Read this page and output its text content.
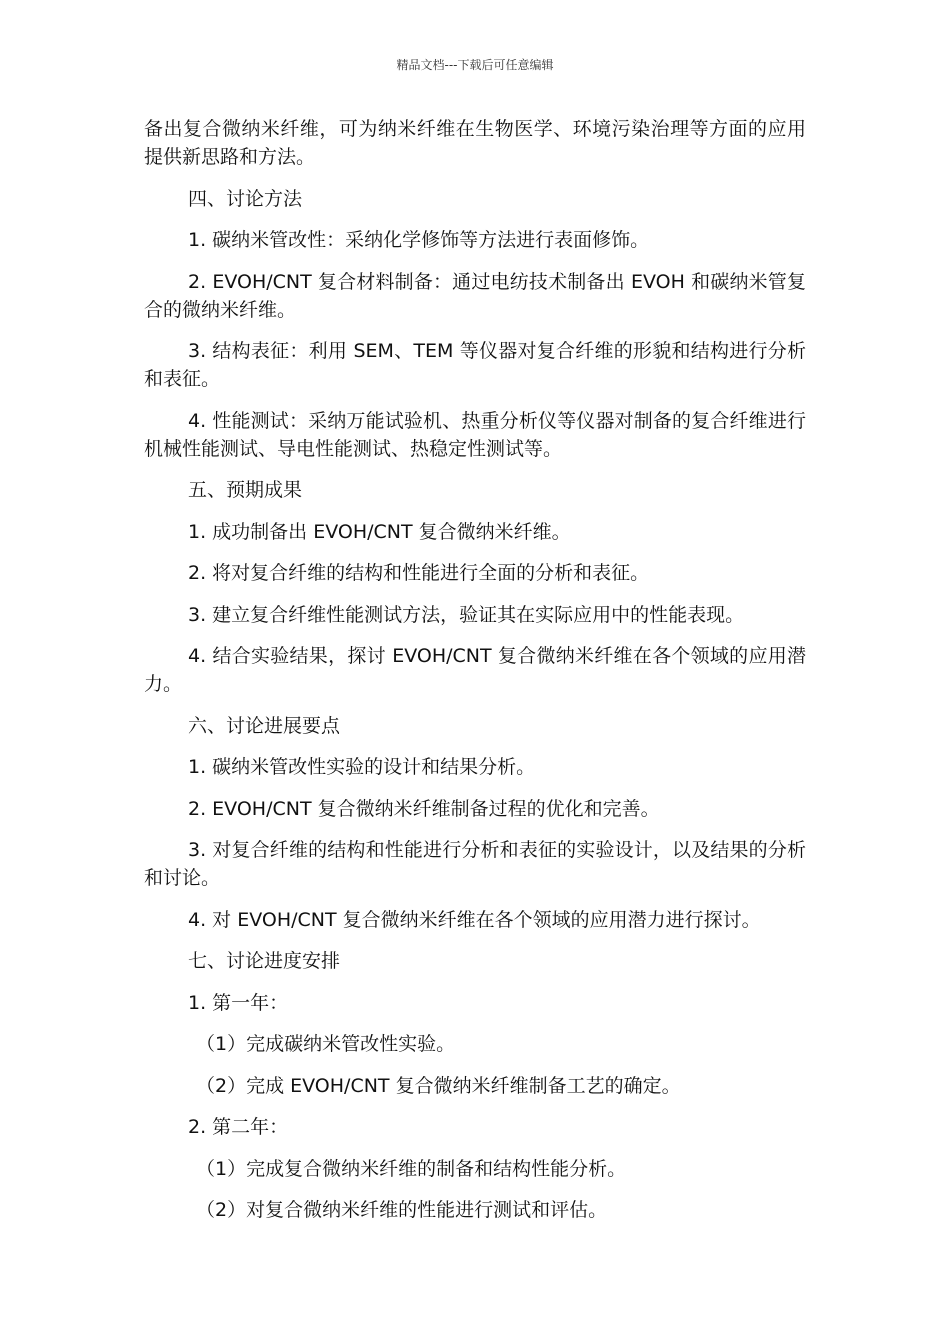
精品文档---下载后可任意编辑

备出复合微纳米纤维，可为纳米纤维在生物医学、环境污染治理等方面的应用提供新思路和方法。

四、讨论方法

1. 碳纳米管改性：采纳化学修饰等方法进行表面修饰。

2. EVOH/CNT 复合材料制备：通过电纺技术制备出 EVOH 和碳纳米管复合的微纳米纤维。

3. 结构表征：利用 SEM、TEM 等仪器对复合纤维的形貌和结构进行分析和表征。

4. 性能测试：采纳万能试验机、热重分析仪等仪器对制备的复合纤维进行机械性能测试、导电性能测试、热稳定性测试等。

五、预期成果

1. 成功制备出 EVOH/CNT 复合微纳米纤维。

2. 将对复合纤维的结构和性能进行全面的分析和表征。

3. 建立复合纤维性能测试方法，验证其在实际应用中的性能表现。

4. 结合实验结果，探讨 EVOH/CNT 复合微纳米纤维在各个领域的应用潜力。

六、讨论进展要点

1. 碳纳米管改性实验的设计和结果分析。

2. EVOH/CNT 复合微纳米纤维制备过程的优化和完善。

3. 对复合纤维的结构和性能进行分析和表征的实验设计，以及结果的分析和讨论。

4. 对 EVOH/CNT 复合微纳米纤维在各个领域的应用潜力进行探讨。

七、讨论进度安排

1. 第一年：

（1）完成碳纳米管改性实验。

（2）完成 EVOH/CNT 复合微纳米纤维制备工艺的确定。

2. 第二年：

（1）完成复合微纳米纤维的制备和结构性能分析。

（2）对复合微纳米纤维的性能进行测试和评估。
